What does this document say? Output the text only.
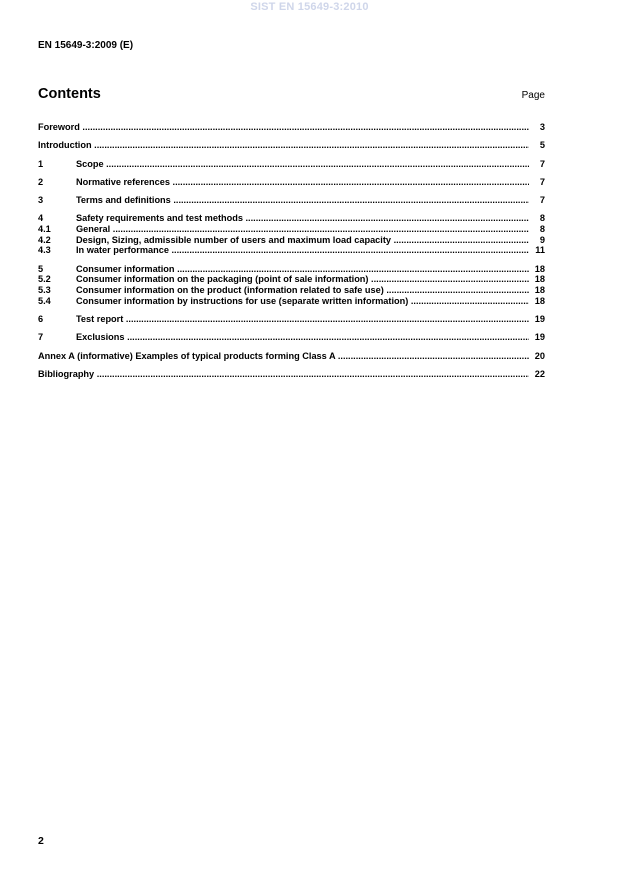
SIST EN 15649-3:2010
EN 15649-3:2009 (E)
Contents	Page
Foreword .....	3
Introduction .....	5
1	Scope .....	7
2	Normative references .....	7
3	Terms and definitions .....	7
4	Safety requirements and test methods .....	8
4.1	General .....	8
4.2	Design, Sizing, admissible number of users and maximum load capacity .....	9
4.3	In water performance .....	11
5	Consumer information .....	18
5.2	Consumer information on the packaging (point of sale information) .....	18
5.3	Consumer information on the product (information related to safe use) .....	18
5.4	Consumer information by instructions for use (separate written information) .....	18
6	Test report .....	19
7	Exclusions .....	19
Annex A (informative) Examples of typical products forming Class A .....	20
Bibliography .....	22
2
